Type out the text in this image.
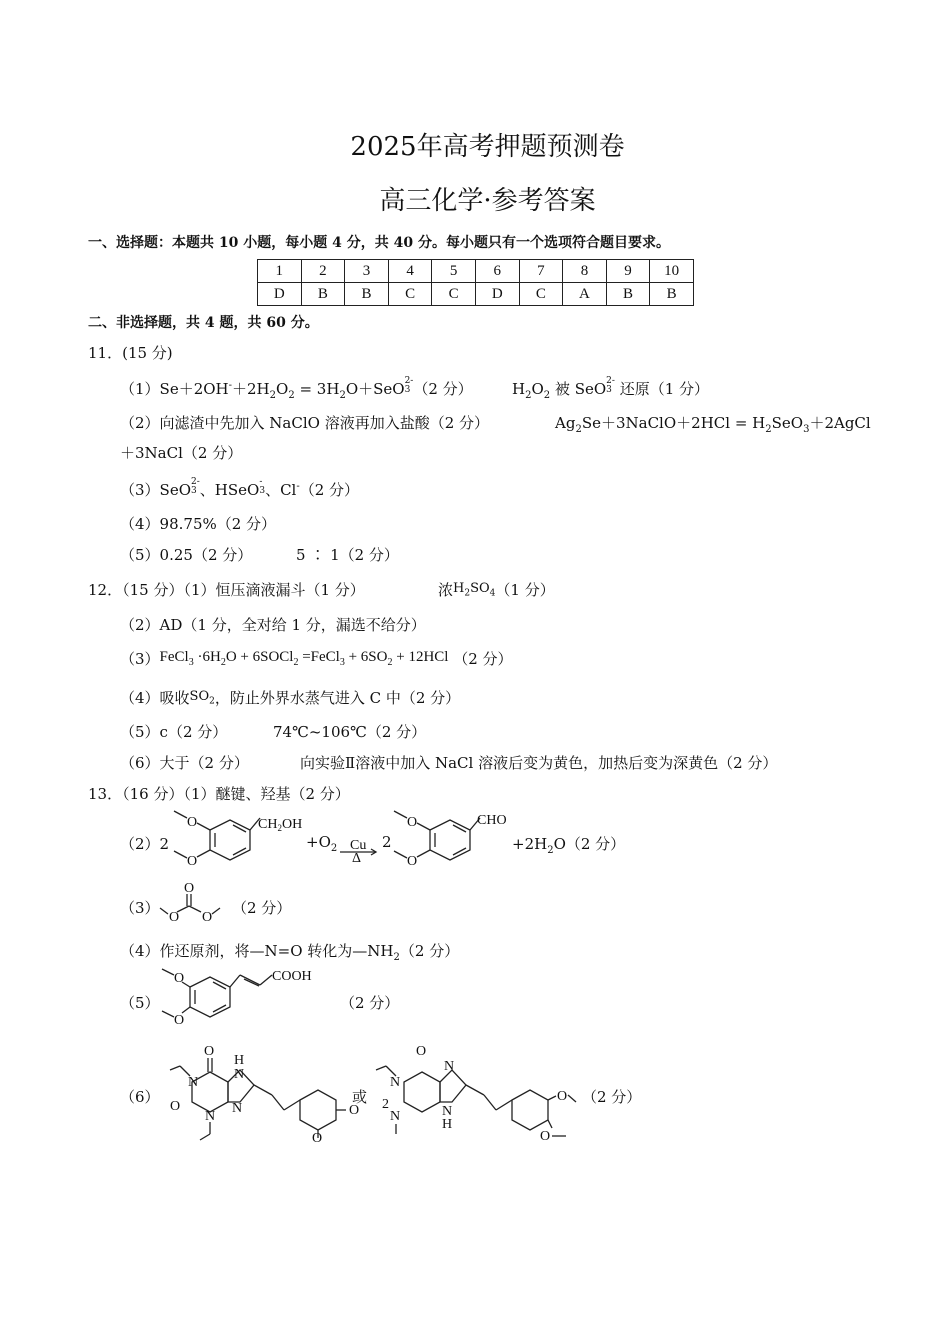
2025年高考押题预测卷
高三化学·参考答案
一、选择题：本题共 10 小题，每小题 4 分，共 40 分。每小题只有一个选项符合题目要求。
1	2	3	4	5	6	7	8	9	10
D	B	B	C	C	D	C	A	B	B
二、非选择题，共 4 题，共 60 分。
11．(15 分)
$(1)Se+2OH^-+2H_2O_2 = 3H_2O+SeO$ 2-
3 （2 分）	$H_2O_2$ 被 SeO 2-
3 还原（1 分）
（2）向滤渣中先加入 NaClO 溶液再加入盐酸（2 分）	$Ag_2Se+3NaClO+2HCl$ = $H_2SeO_3+2AgCl$
＋3NaCl（2 分）
（3）SeO 2-
3 、HSeO -
3 、Cl-（2 分）
（4）98.75%（2 分）
（5）0.25（2 分）	5 ∶ 1（2 分）
12．（15 分）（1）恒压滴液漏斗（1 分）	浓$H_2SO_4(1$ 分）
（2）AD（1 分，全对给 1 分，漏选不给分）
（3）FeCl$_3$ $\cdot 6H_2O$ + 6SOCl$_2$ =FeCl$_3$ + $6SO_2 + 12HCl$ （2 分）
（4）吸收$SO_2$，防止外界水蒸气进入 C 中（2 分）
（5）c（2 分）	74℃~106℃（2 分）
（6）大于（2 分）	向实验Ⅱ溶液中加入 NaCl 溶液后变为黄色，加热后变为深黄色（2 分）
13．（16 分）（1）醚键、羟基（2 分）
（2）2
O
O
$CH_2OH$
$+O_2$ Cu
Δ
2
O
O
CHO
$+2H_2O(2$ 分）
（3）
O
O O
（2 分）
（4）作还原剂，将—N=O 转化为$—NH_2(2$ 分）
（5）
O
O
COOH
（2 分）
（6）
O
N
N
O
H
N
N	O
O
或
O
N
N
2
N
N
H
O
O
（2 分）
